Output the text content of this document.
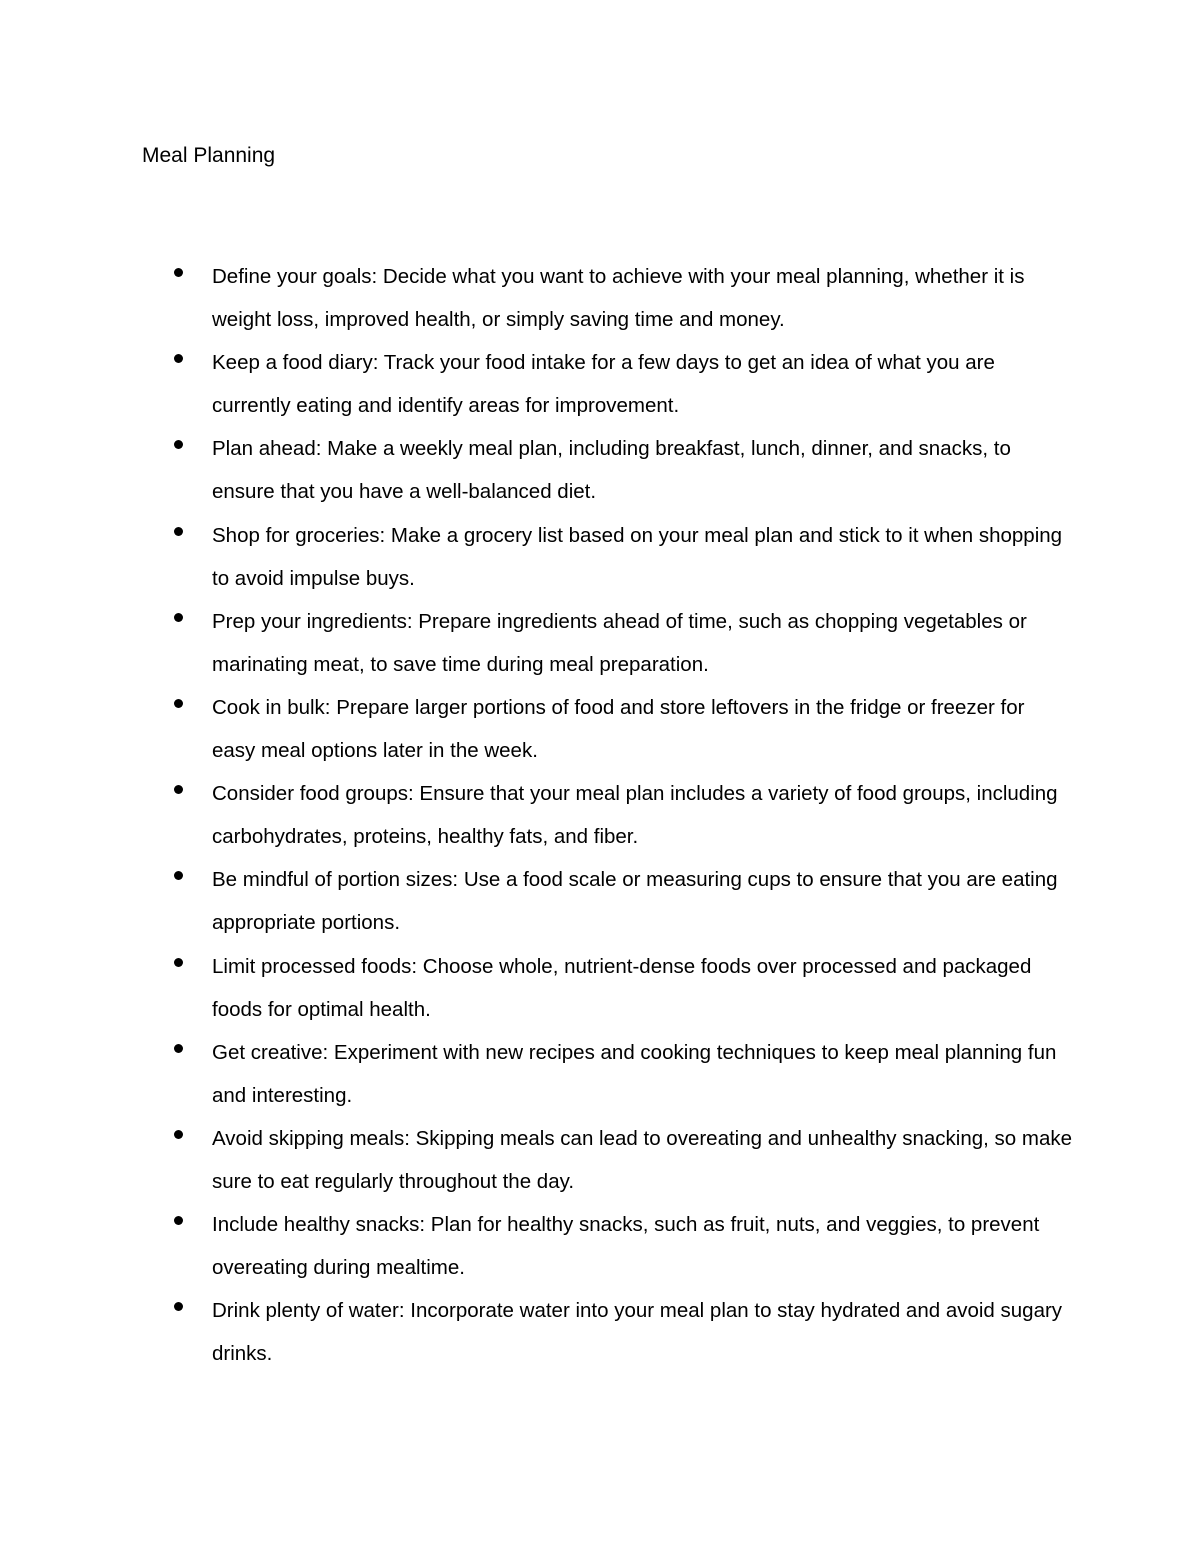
Meal Planning
Define your goals: Decide what you want to achieve with your meal planning, whether it is weight loss, improved health, or simply saving time and money.
Keep a food diary: Track your food intake for a few days to get an idea of what you are currently eating and identify areas for improvement.
Plan ahead: Make a weekly meal plan, including breakfast, lunch, dinner, and snacks, to ensure that you have a well-balanced diet.
Shop for groceries: Make a grocery list based on your meal plan and stick to it when shopping to avoid impulse buys.
Prep your ingredients: Prepare ingredients ahead of time, such as chopping vegetables or marinating meat, to save time during meal preparation.
Cook in bulk: Prepare larger portions of food and store leftovers in the fridge or freezer for easy meal options later in the week.
Consider food groups: Ensure that your meal plan includes a variety of food groups, including carbohydrates, proteins, healthy fats, and fiber.
Be mindful of portion sizes: Use a food scale or measuring cups to ensure that you are eating appropriate portions.
Limit processed foods: Choose whole, nutrient-dense foods over processed and packaged foods for optimal health.
Get creative: Experiment with new recipes and cooking techniques to keep meal planning fun and interesting.
Avoid skipping meals: Skipping meals can lead to overeating and unhealthy snacking, so make sure to eat regularly throughout the day.
Include healthy snacks: Plan for healthy snacks, such as fruit, nuts, and veggies, to prevent overeating during mealtime.
Drink plenty of water: Incorporate water into your meal plan to stay hydrated and avoid sugary drinks.
